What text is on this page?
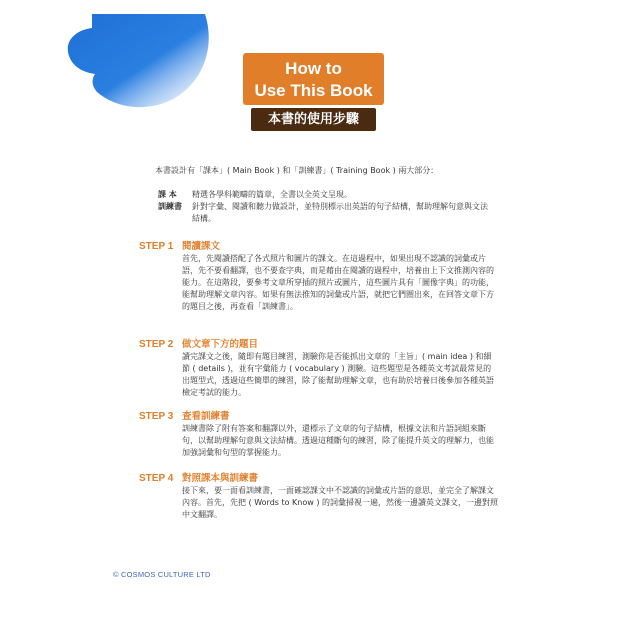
How to
Use This Book
本書的使用步驟
本書設計有「課本」( Main Book ) 和「訓練書」( Training Book ) 兩大部分：
課 本	精選各學科範疇的篇章，全書以全英文呈現。
訓練書	針對字彙、閱讀和聽力做設計，並特別標示出英語的句子結構，幫助理解句意與文法結構。
STEP 1 閱讀課文
首先，先閱讀搭配了各式照片和圖片的課文。在這過程中，如果出現不認識的詞彙或片語，先不要看翻譯，也不要查字典，而是藉由在閱讀的過程中，培養由上下文推測內容的能力。在這階段，要參考文章所穿插的照片或圖片，這些圖片具有「圖像字典」的功能，能幫助理解文章內容。如果有無法推知的詞彙或片語，就把它們圈出來，在回答文章下方的題目之後，再查看「訓練書」。
STEP 2 做文章下方的題目
讀完課文之後，隨即有題目練習，測驗你是否能抓出文章的「主旨」( main idea ) 和細節 ( details )，並有字彙能力 ( vocabulary ) 測驗。這些題型是各種英文考試最常見的出題型式，透過這些簡單的練習，除了能幫助理解文章，也有助於培養日後參加各種英語檢定考試的能力。
STEP 3 查看訓練書
訓練書除了附有答案和翻譯以外，還標示了文章的句子結構，根據文法和片語詞組來斷句，以幫助理解句意與文法結構。透過這種斷句的練習，除了能提升英文的理解力，也能加強詞彙和句型的掌握能力。
STEP 4 對照課本與訓練書
接下來，要一面看訓練書，一面確認課文中不認識的詞彙或片語的意思，並完全了解課文內容。首先，先把 ( Words to Know ) 的詞彙掃視一遍，然後一邊讀英文課文，一邊對照中文翻譯。
© COSMOS CULTURE LTD
